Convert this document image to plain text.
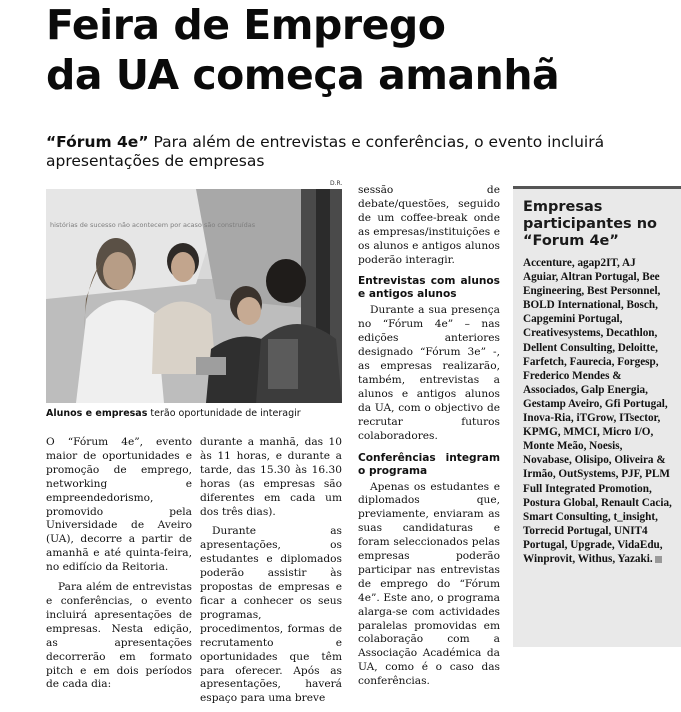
Feira de Emprego
da UA começa amanhã

“Fórum 4e” Para além de entrevistas e conferências, o evento incluirá apresentações de empresas

D.R.
histórias de sucesso não acontecem por acaso são construídas

Alunos e empresas terão oportunidade de interagir

O “Fórum 4e”, evento maior de oportunidades e promoção de emprego, networking e empreendedorismo, promovido pela Universidade de Aveiro (UA), decorre a partir de amanhã e até quinta-feira, no edifício da Reitoria.

Para além de entrevistas e conferências, o evento incluirá apresentações de empresas. Nesta edição, as apresentações decorrerão em formato pitch e em dois períodos de cada dia:

durante a manhã, das 10 às 11 horas, e durante a tarde, das 15.30 às 16.30 horas (as empresas são diferentes em cada um dos três dias).

Durante as apresentações, os estudantes e diplomados poderão assistir às propostas de empresas e ficar a conhecer os seus programas, procedimentos, formas de recrutamento e oportunidades que têm para oferecer. Após as apresentações, haverá espaço para uma breve

sessão de debate/questões, seguido de um coffee-break onde as empresas/instituições e os alunos e antigos alunos poderão interagir.

Entrevistas com alunos e antigos alunos

Durante a sua presença no “Fórum 4e” – nas edições anteriores designado “Fórum 3e” -, as empresas realizarão, também, entrevistas a alunos e antigos alunos da UA, com o objectivo de recrutar futuros colaboradores.

Conferências integram o programa

Apenas os estudantes e diplomados que, previamente, enviaram as suas candidaturas e foram seleccionados pelas empresas poderão participar nas entrevistas de emprego do “Fórum 4e”. Este ano, o programa alarga-se com actividades paralelas promovidas em colaboração com a Associação Académica da UA, como é o caso das conferências.

Empresas participantes no “Forum 4e”
Accenture, agap2IT, AJ Aguiar, Altran Portugal, Bee Engineering, Best Personnel, BOLD International, Bosch, Capgemini Portugal, Creativesystems, Decathlon, Dellent Consulting, Deloitte, Farfetch, Faurecia, Forgesp, Frederico Mendes & Associados, Galp Energia, Gestamp Aveiro, Gfi Portugal, Inova-Ria, iTGrow, ITsector, KPMG, MMCI, Micro I/O, Monte Meão, Noesis, Novabase, Olisipo, Oliveira & Irmão, OutSystems, PJF, PLM Full Integrated Promotion, Postura Global, Renault Cacia, Smart Consulting, t_insight, Torrecid Portugal, UNIT4 Portugal, Upgrade, VidaEdu, Winprovit, Withus, Yazaki.
